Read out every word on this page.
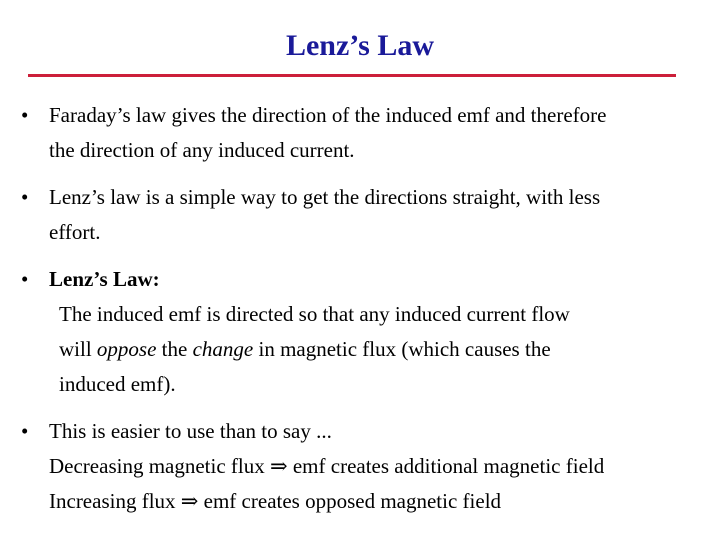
Lenz’s Law
• Faraday’s law gives the direction of the induced emf and therefore
the direction of any induced current.
• Lenz’s law is a simple way to get the directions straight, with less
effort.
• Lenz’s Law:
The induced emf is directed so that any induced current flow
will oppose the change in magnetic flux (which causes the
induced emf).
• This is easier to use than to say ...
Decreasing magnetic flux ⇒ emf creates additional magnetic field
Increasing flux ⇒ emf creates opposed magnetic field
